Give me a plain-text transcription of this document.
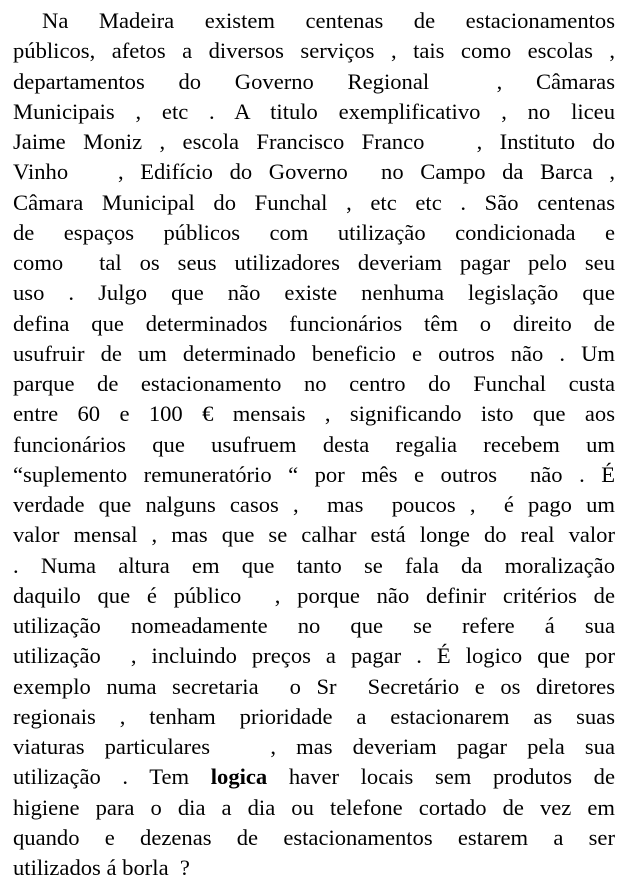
Na Madeira existem centenas de estacionamentos
públicos, afetos a diversos serviços , tais como escolas ,
departamentos  do  Governo  Regional    ,  Câmaras
Municipais , etc . A titulo exemplificativo , no liceu
Jaime Moniz , escola Francisco Franco   , Instituto do
Vinho   , Edifício do Governo  no Campo da Barca ,
Câmara Municipal do Funchal , etc etc . São centenas
de espaços públicos com utilização condicionada e
como  tal os seus utilizadores deveriam pagar pelo seu
uso . Julgo que não existe nenhuma legislação que
defina que determinados funcionários têm o direito de
usufruir de um determinado beneficio e outros não . Um
parque de estacionamento no centro do Funchal custa
entre 60 e 100 € mensais , significando isto que aos
funcionários que usufruem desta regalia recebem um
“suplemento remuneratório “ por mês e outros  não . É
verdade que nalguns casos ,  mas  poucos ,  é pago um
valor mensal , mas que se calhar está longe do real valor
. Numa altura em que tanto se fala da moralização
daquilo que é público  , porque não definir critérios de
utilização  nomeadamente  no  que  se  refere  á  sua
utilização  , incluindo preços a pagar . É logico que por
exemplo numa secretaria  o Sr  Secretário e os diretores
regionais , tenham prioridade a estacionarem as suas
viaturas particulares   , mas deveriam pagar pela sua
utilização . Tem logica haver locais sem produtos de
higiene para o dia a dia ou telefone cortado de vez em
quando e dezenas de estacionamentos estarem a ser
utilizados á borla  ?
